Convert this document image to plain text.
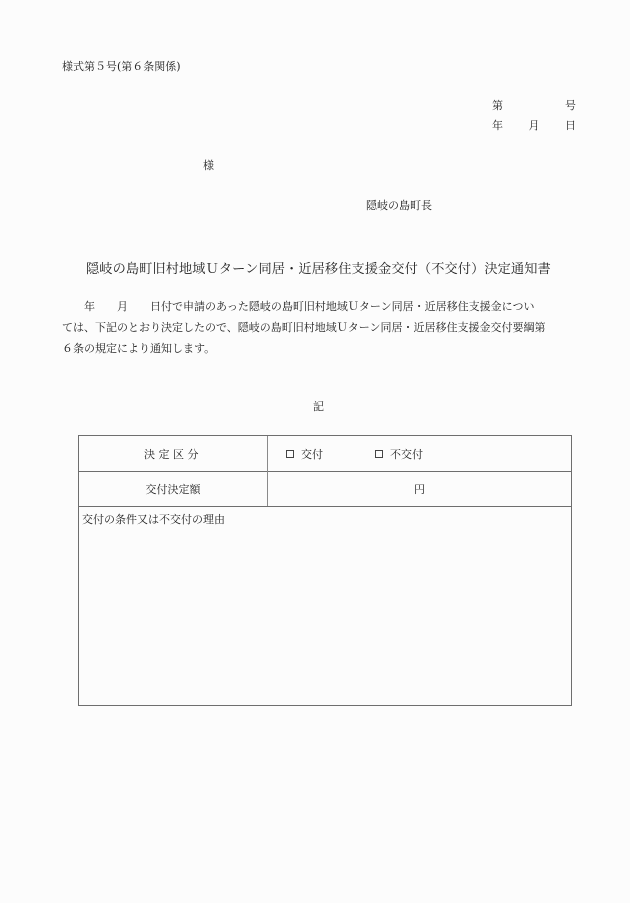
様式第５号(第６条関係)
第	号
年 月 日
様
隠岐の島町長
隠岐の島町旧村地域Ｕターン同居・近居移住支援金交付（不交付）決定通知書
　　年　　月　　日付で申請のあった隠岐の島町旧村地域Ｕターン同居・近居移住支援金につい
ては、下記のとおり決定したので、隠岐の島町旧村地域Ｕターン同居・近居移住支援金交付要綱第
６条の規定により通知します。
記
決定区分	交付	不交付
交付決定額	円
交付の条件又は不交付の理由
